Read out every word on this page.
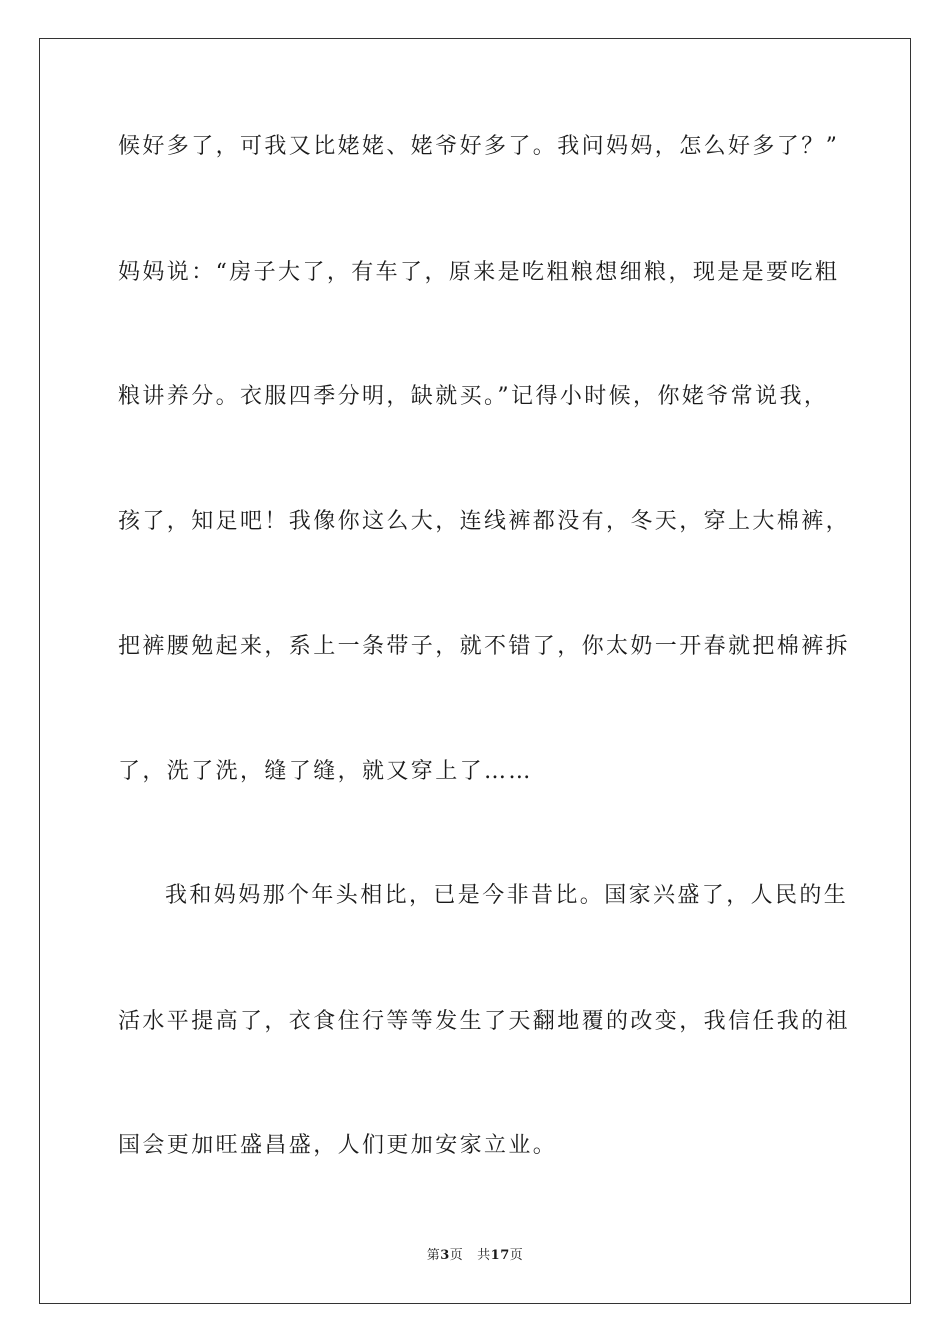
候好多了，可我又比姥姥、姥爷好多了。我问妈妈，怎么好多了？”
妈妈说：“房子大了，有车了，原来是吃粗粮想细粮，现是是要吃粗
粮讲养分。衣服四季分明，缺就买。”记得小时候，你姥爷常说我，
孩了，知足吧！我像你这么大，连线裤都没有，冬天，穿上大棉裤，
把裤腰勉起来，系上一条带子，就不错了，你太奶一开春就把棉裤拆
了，洗了洗，缝了缝，就又穿上了……
我和妈妈那个年头相比，已是今非昔比。国家兴盛了，人民的生
活水平提高了，衣食住行等等发生了天翻地覆的改变，我信任我的祖
国会更加旺盛昌盛，人们更加安家立业。
第3页   共17页
